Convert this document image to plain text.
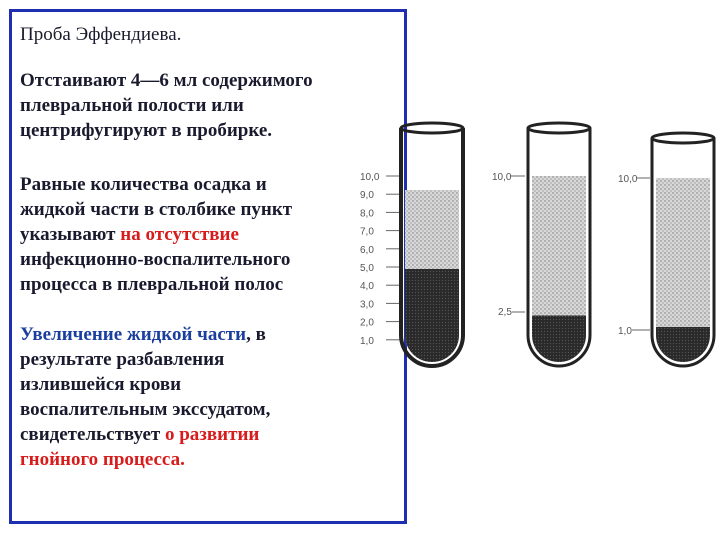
Проба Эффендиева.

Отстаивают 4—6 мл содержимого
плевральной полости или
центрифугируют в пробирке.

Равные количества осадка и
жидкой части в столбике пункт
указывают на отсутствие
инфекционно-воспалительного
процесса в плевральной полос

Увеличение жидкой части, в
результате разбавления
излившейся крови
воспалительным экссудатом,
свидетельствует о развитии
гнойного процесса.

10,0
9,0
8,0
7,0
6,0
5,0
4,0
3,0
2,0
1,0
10,0
2,5
10,0
1,0
